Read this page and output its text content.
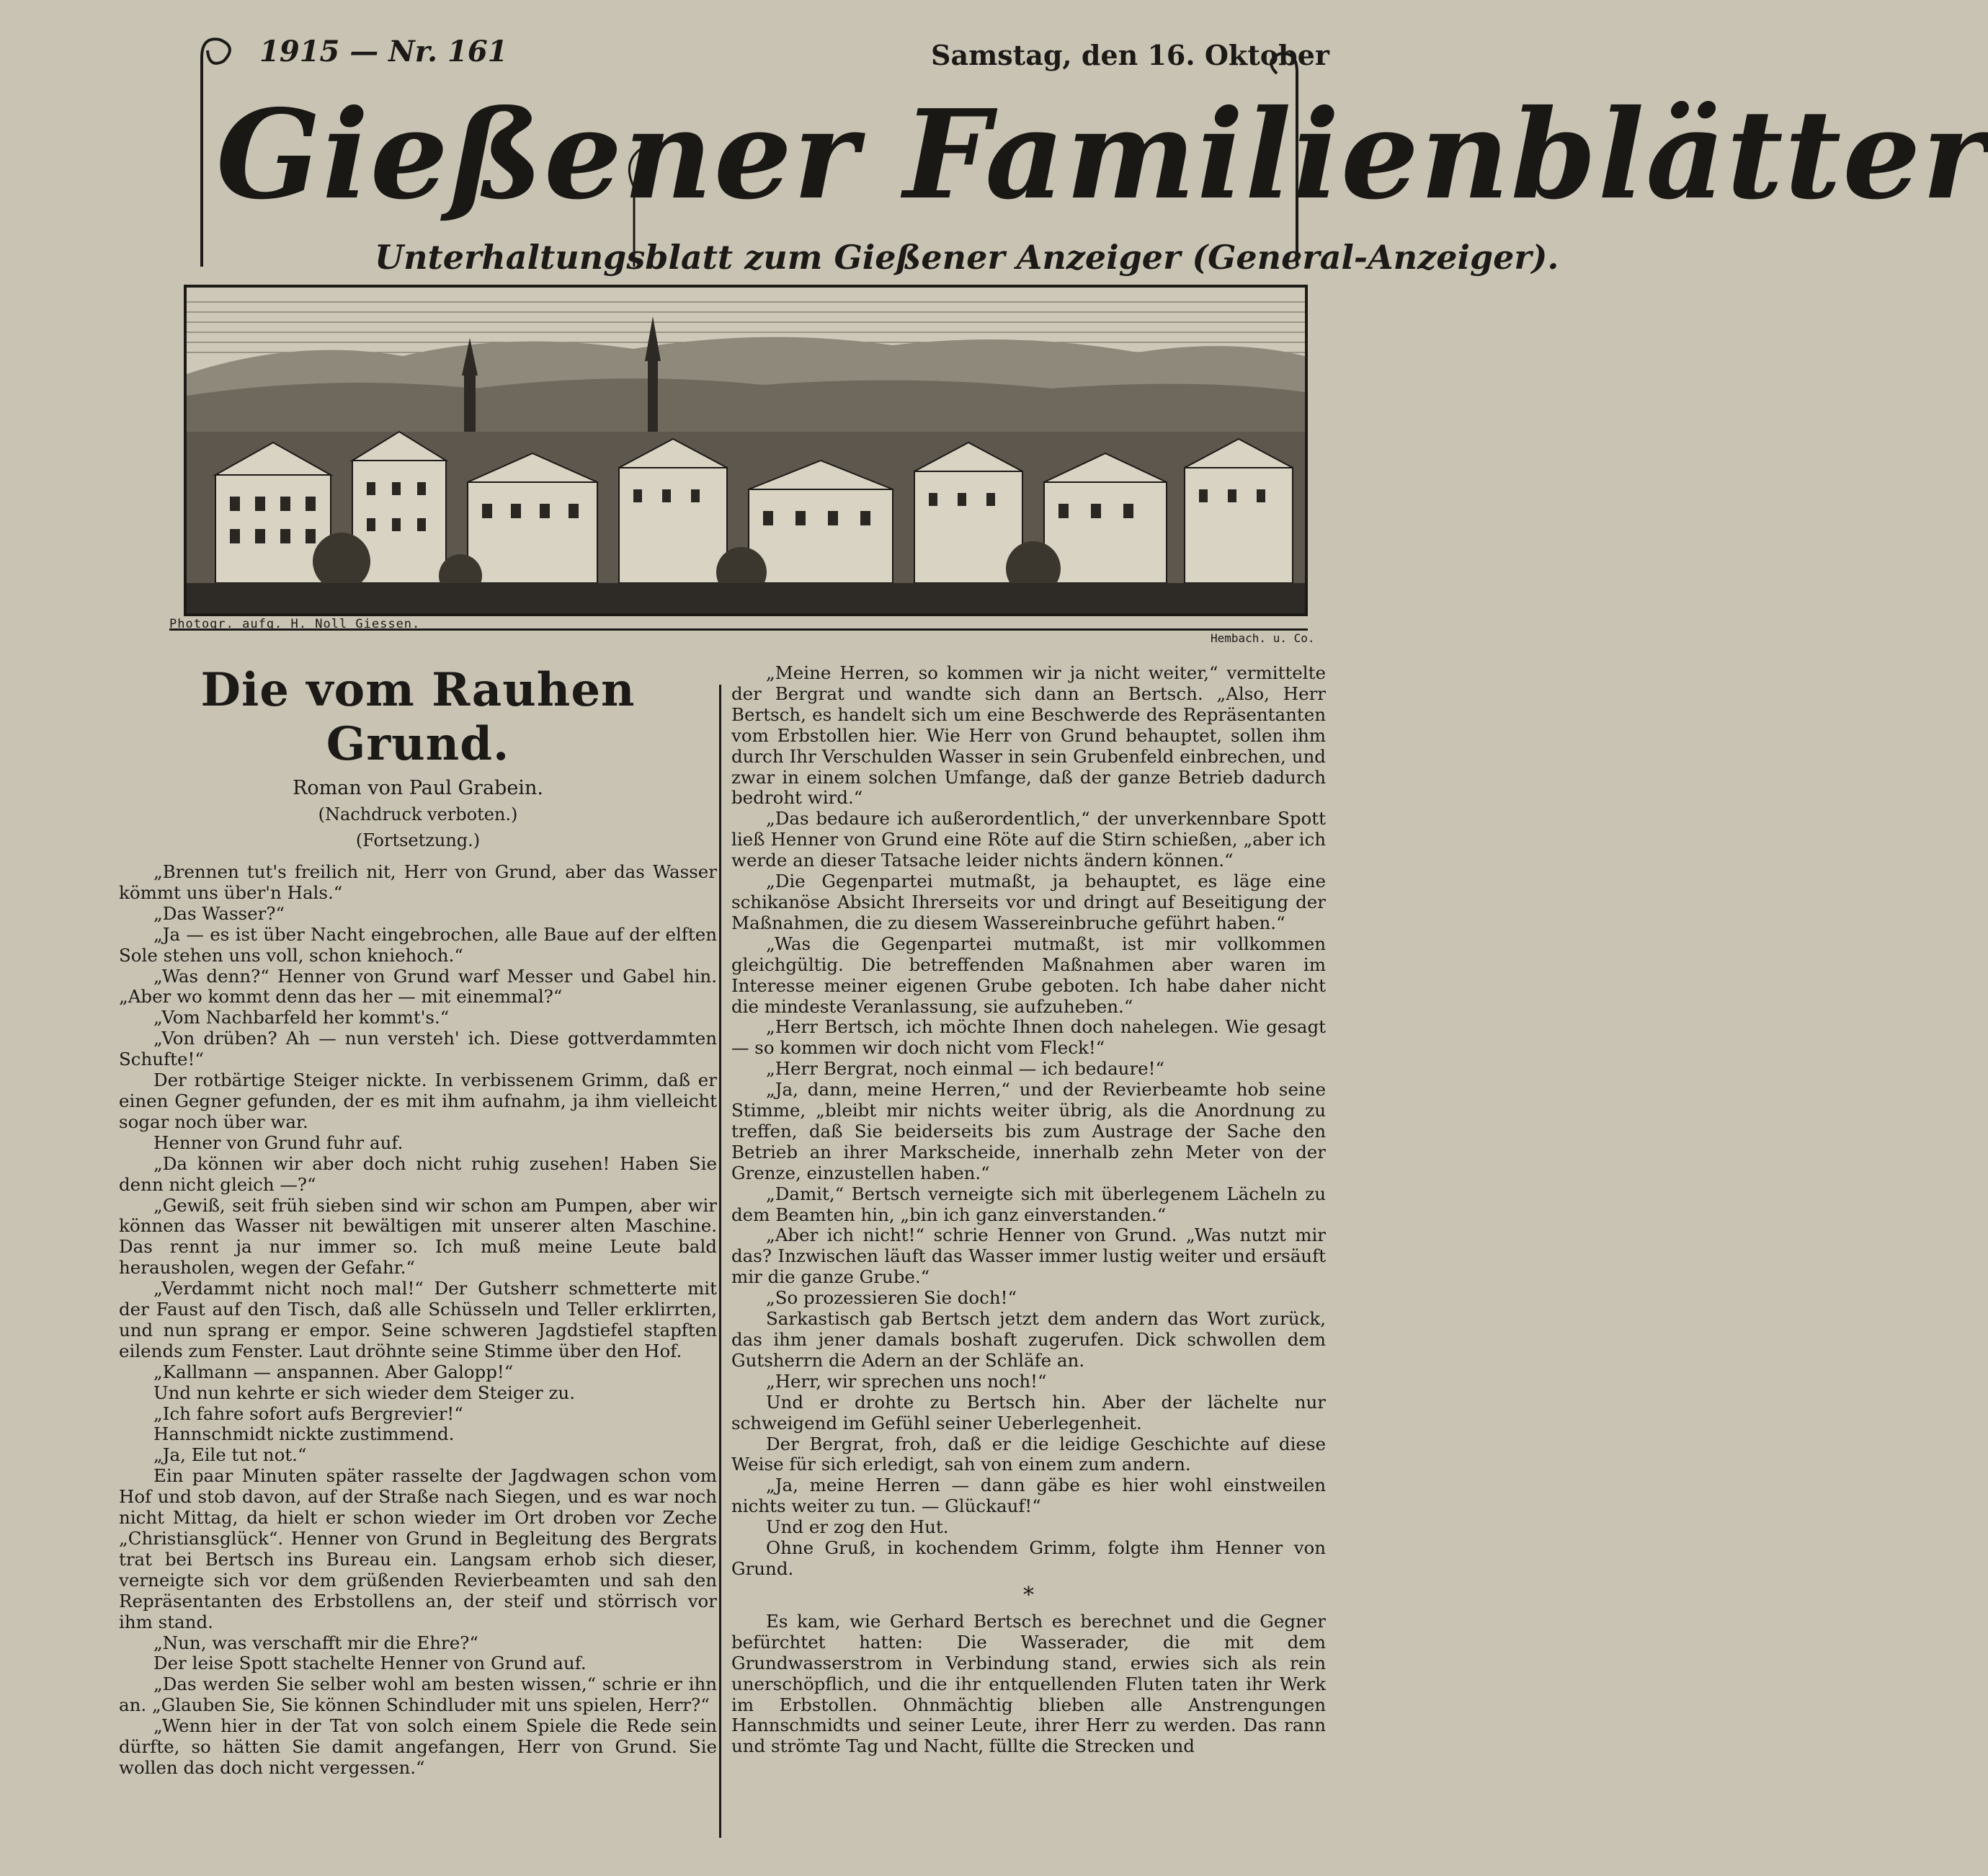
1915 — Nr. 161	Samstag, den 16. Oktober
Gießener Familienblätter
Unterhaltungsblatt zum Gießener Anzeiger (General-Anzeiger).
Photogr. aufg. H. Noll Giessen.
Hembach. u. Co.
Die vom Rauhen Grund.

Roman von Paul Grabein.

(Nachdruck verboten.)

(Fortsetzung.)

„Brennen tut's freilich nit, Herr von Grund, aber das Wasser kömmt uns über'n Hals.“

„Das Wasser?“

„Ja — es ist über Nacht eingebrochen, alle Baue auf der elften Sole stehen uns voll, schon kniehoch.“

„Was denn?“ Henner von Grund warf Messer und Gabel hin. „Aber wo kommt denn das her — mit einemmal?“

„Vom Nachbarfeld her kommt's.“

„Von drüben? Ah — nun versteh' ich. Diese gottverdammten Schufte!“

Der rotbärtige Steiger nickte. In verbissenem Grimm, daß er einen Gegner gefunden, der es mit ihm aufnahm, ja ihm vielleicht sogar noch über war.

Henner von Grund fuhr auf.

„Da können wir aber doch nicht ruhig zusehen! Haben Sie denn nicht gleich —?“

„Gewiß, seit früh sieben sind wir schon am Pumpen, aber wir können das Wasser nit bewältigen mit unserer alten Maschine. Das rennt ja nur immer so. Ich muß meine Leute bald herausholen, wegen der Gefahr.“

„Verdammt nicht noch mal!“ Der Gutsherr schmetterte mit der Faust auf den Tisch, daß alle Schüsseln und Teller erklirrten, und nun sprang er empor. Seine schweren Jagdstiefel stapften eilends zum Fenster. Laut dröhnte seine Stimme über den Hof.

„Kallmann — anspannen. Aber Galopp!“

Und nun kehrte er sich wieder dem Steiger zu.

„Ich fahre sofort aufs Bergrevier!“

Hannschmidt nickte zustimmend.

„Ja, Eile tut not.“

Ein paar Minuten später rasselte der Jagdwagen schon vom Hof und stob davon, auf der Straße nach Siegen, und es war noch nicht Mittag, da hielt er schon wieder im Ort droben vor Zeche „Christiansglück“. Henner von Grund in Begleitung des Bergrats trat bei Bertsch ins Bureau ein. Langsam erhob sich dieser, verneigte sich vor dem grüßenden Revierbeamten und sah den Repräsentanten des Erbstollens an, der steif und störrisch vor ihm stand.

„Nun, was verschafft mir die Ehre?“

Der leise Spott stachelte Henner von Grund auf.

„Das werden Sie selber wohl am besten wissen,“ schrie er ihn an. „Glauben Sie, Sie können Schindluder mit uns spielen, Herr?“

„Wenn hier in der Tat von solch einem Spiele die Rede sein dürfte, so hätten Sie damit angefangen, Herr von Grund. Sie wollen das doch nicht vergessen.“

„Meine Herren, so kommen wir ja nicht weiter,“ vermittelte der Bergrat und wandte sich dann an Bertsch. „Also, Herr Bertsch, es handelt sich um eine Beschwerde des Repräsentanten vom Erbstollen hier. Wie Herr von Grund behauptet, sollen ihm durch Ihr Verschulden Wasser in sein Grubenfeld einbrechen, und zwar in einem solchen Umfange, daß der ganze Betrieb dadurch bedroht wird.“

„Das bedaure ich außerordentlich,“ der unverkennbare Spott ließ Henner von Grund eine Röte auf die Stirn schießen, „aber ich werde an dieser Tatsache leider nichts ändern können.“

„Die Gegenpartei mutmaßt, ja behauptet, es läge eine schikanöse Absicht Ihrerseits vor und dringt auf Beseitigung der Maßnahmen, die zu diesem Wassereinbruche geführt haben.“

„Was die Gegenpartei mutmaßt, ist mir vollkommen gleichgültig. Die betreffenden Maßnahmen aber waren im Interesse meiner eigenen Grube geboten. Ich habe daher nicht die mindeste Veranlassung, sie aufzuheben.“

„Herr Bertsch, ich möchte Ihnen doch nahelegen. Wie gesagt — so kommen wir doch nicht vom Fleck!“

„Herr Bergrat, noch einmal — ich bedaure!“

„Ja, dann, meine Herren,“ und der Revierbeamte hob seine Stimme, „bleibt mir nichts weiter übrig, als die Anordnung zu treffen, daß Sie beiderseits bis zum Austrage der Sache den Betrieb an ihrer Markscheide, innerhalb zehn Meter von der Grenze, einzustellen haben.“

„Damit,“ Bertsch verneigte sich mit überlegenem Lächeln zu dem Beamten hin, „bin ich ganz einverstanden.“

„Aber ich nicht!“ schrie Henner von Grund. „Was nutzt mir das? Inzwischen läuft das Wasser immer lustig weiter und ersäuft mir die ganze Grube.“

„So prozessieren Sie doch!“

Sarkastisch gab Bertsch jetzt dem andern das Wort zurück, das ihm jener damals boshaft zugerufen. Dick schwollen dem Gutsherrn die Adern an der Schläfe an.

„Herr, wir sprechen uns noch!“

Und er drohte zu Bertsch hin. Aber der lächelte nur schweigend im Gefühl seiner Ueberlegenheit.

Der Bergrat, froh, daß er die leidige Geschichte auf diese Weise für sich erledigt, sah von einem zum andern.

„Ja, meine Herren — dann gäbe es hier wohl einstweilen nichts weiter zu tun. — Glückauf!“

Und er zog den Hut.

Ohne Gruß, in kochendem Grimm, folgte ihm Henner von Grund.

*

Es kam, wie Gerhard Bertsch es berechnet und die Gegner befürchtet hatten: Die Wasserader, die mit dem Grundwasserstrom in Verbindung stand, erwies sich als rein unerschöpflich, und die ihr entquellenden Fluten taten ihr Werk im Erbstollen. Ohnmächtig blieben alle Anstrengungen Hannschmidts und seiner Leute, ihrer Herr zu werden. Das rann und strömte Tag und Nacht, füllte die Strecken und
